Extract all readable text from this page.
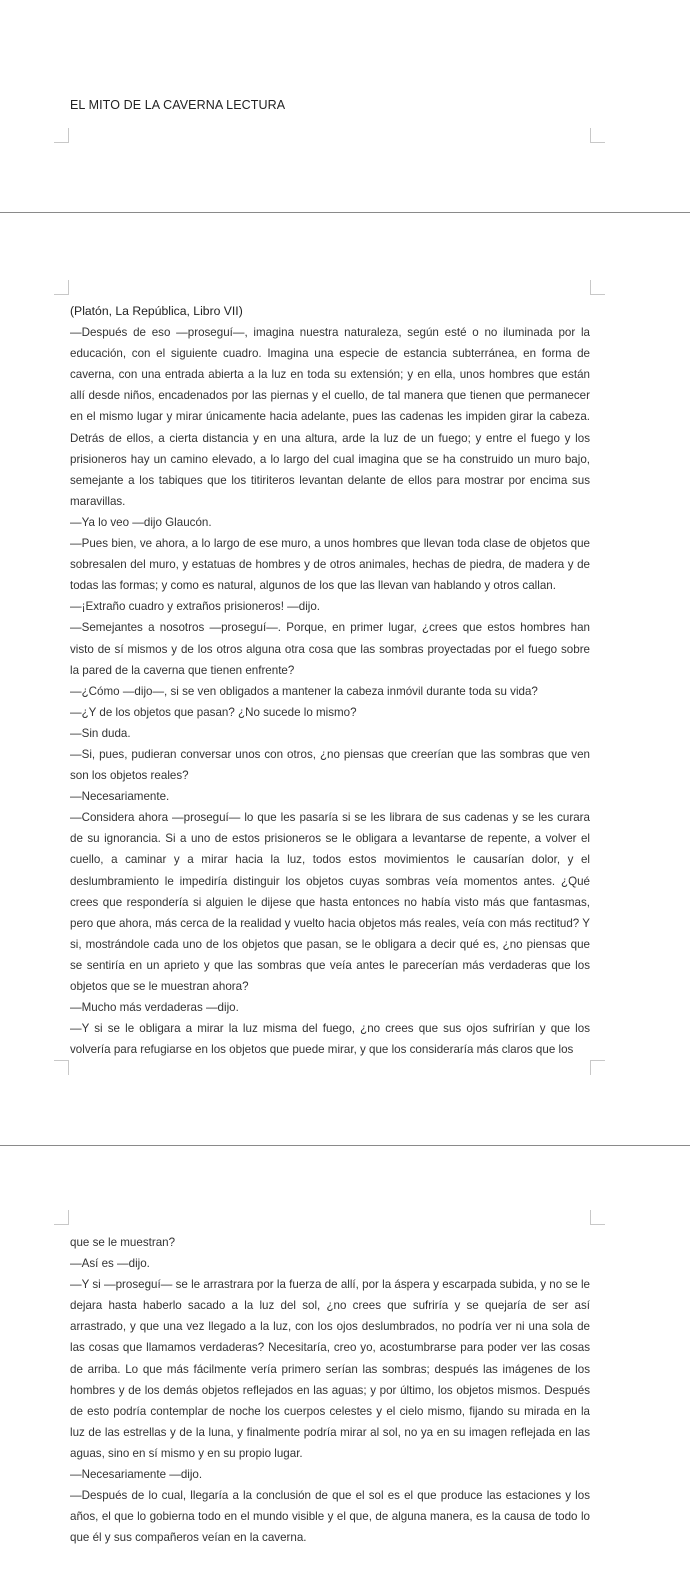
EL MITO DE LA CAVERNA LECTURA

(Platón, La República, Libro VII)

—Después de eso —proseguí—, imagina nuestra naturaleza, según esté o no iluminada por la educación, con el siguiente cuadro. Imagina una especie de estancia subterránea, en forma de caverna, con una entrada abierta a la luz en toda su extensión; y en ella, unos hombres que están allí desde niños, encadenados por las piernas y el cuello, de tal manera que tienen que permanecer en el mismo lugar y mirar únicamente hacia adelante, pues las cadenas les impiden girar la cabeza. Detrás de ellos, a cierta distancia y en una altura, arde la luz de un fuego; y entre el fuego y los prisioneros hay un camino elevado, a lo largo del cual imagina que se ha construido un muro bajo, semejante a los tabiques que los titiriteros levantan delante de ellos para mostrar por encima sus maravillas.

—Ya lo veo —dijo Glaucón.

—Pues bien, ve ahora, a lo largo de ese muro, a unos hombres que llevan toda clase de objetos que sobresalen del muro, y estatuas de hombres y de otros animales, hechas de piedra, de madera y de todas las formas; y como es natural, algunos de los que las llevan van hablando y otros callan.

—¡Extraño cuadro y extraños prisioneros! —dijo.

—Semejantes a nosotros —proseguí—. Porque, en primer lugar, ¿crees que estos hombres han visto de sí mismos y de los otros alguna otra cosa que las sombras proyectadas por el fuego sobre la pared de la caverna que tienen enfrente?

—¿Cómo —dijo—, si se ven obligados a mantener la cabeza inmóvil durante toda su vida?

—¿Y de los objetos que pasan? ¿No sucede lo mismo?

—Sin duda.

—Si, pues, pudieran conversar unos con otros, ¿no piensas que creerían que las sombras que ven son los objetos reales?

—Necesariamente.

—Considera ahora —proseguí— lo que les pasaría si se les librara de sus cadenas y se les curara de su ignorancia. Si a uno de estos prisioneros se le obligara a levantarse de repente, a volver el cuello, a caminar y a mirar hacia la luz, todos estos movimientos le causarían dolor, y el deslumbramiento le impediría distinguir los objetos cuyas sombras veía momentos antes. ¿Qué crees que respondería si alguien le dijese que hasta entonces no había visto más que fantasmas, pero que ahora, más cerca de la realidad y vuelto hacia objetos más reales, veía con más rectitud? Y si, mostrándole cada uno de los objetos que pasan, se le obligara a decir qué es, ¿no piensas que se sentiría en un aprieto y que las sombras que veía antes le parecerían más verdaderas que los objetos que se le muestran ahora?

—Mucho más verdaderas —dijo.

—Y si se le obligara a mirar la luz misma del fuego, ¿no crees que sus ojos sufrirían y que los volvería para refugiarse en los objetos que puede mirar, y que los consideraría más claros que los

que se le muestran?

—Así es —dijo.

—Y si —proseguí— se le arrastrara por la fuerza de allí, por la áspera y escarpada subida, y no se le dejara hasta haberlo sacado a la luz del sol, ¿no crees que sufriría y se quejaría de ser así arrastrado, y que una vez llegado a la luz, con los ojos deslumbrados, no podría ver ni una sola de las cosas que llamamos verdaderas? Necesitaría, creo yo, acostumbrarse para poder ver las cosas de arriba. Lo que más fácilmente vería primero serían las sombras; después las imágenes de los hombres y de los demás objetos reflejados en las aguas; y por último, los objetos mismos. Después de esto podría contemplar de noche los cuerpos celestes y el cielo mismo, fijando su mirada en la luz de las estrellas y de la luna, y finalmente podría mirar al sol, no ya en su imagen reflejada en las aguas, sino en sí mismo y en su propio lugar.

—Necesariamente —dijo.

—Después de lo cual, llegaría a la conclusión de que el sol es el que produce las estaciones y los años, el que lo gobierna todo en el mundo visible y el que, de alguna manera, es la causa de todo lo que él y sus compañeros veían en la caverna.
